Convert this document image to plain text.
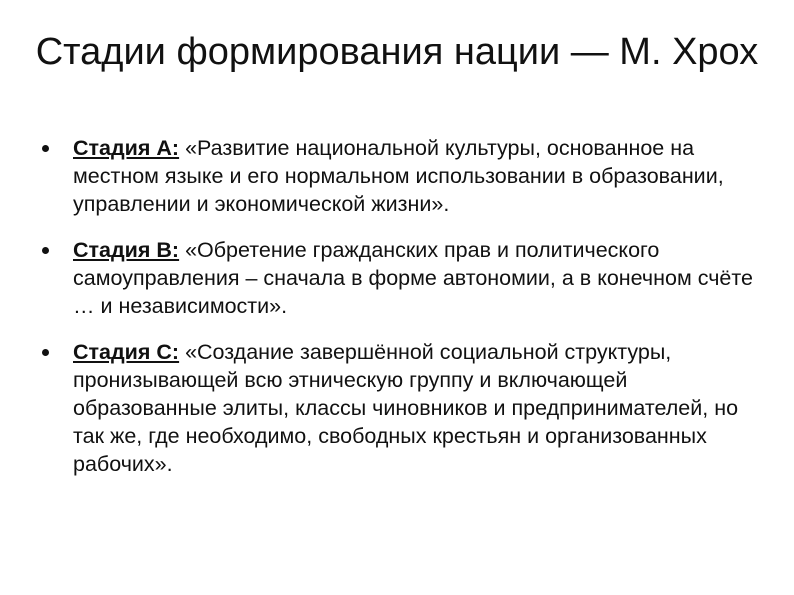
Стадии формирования нации — М. Хрох
Стадия А: «Развитие национальной культуры, основанное на местном языке и его нормальном использовании в образовании, управлении и экономической жизни».
Стадия В: «Обретение гражданских прав и политического самоуправления – сначала в форме автономии, а в конечном счёте … и независимости».
Стадия С: «Создание завершённой социальной структуры, пронизывающей всю этническую группу и включающей образованные элиты, классы чиновников и предпринимателей, но так же, где необходимо, свободных крестьян и организованных рабочих».
